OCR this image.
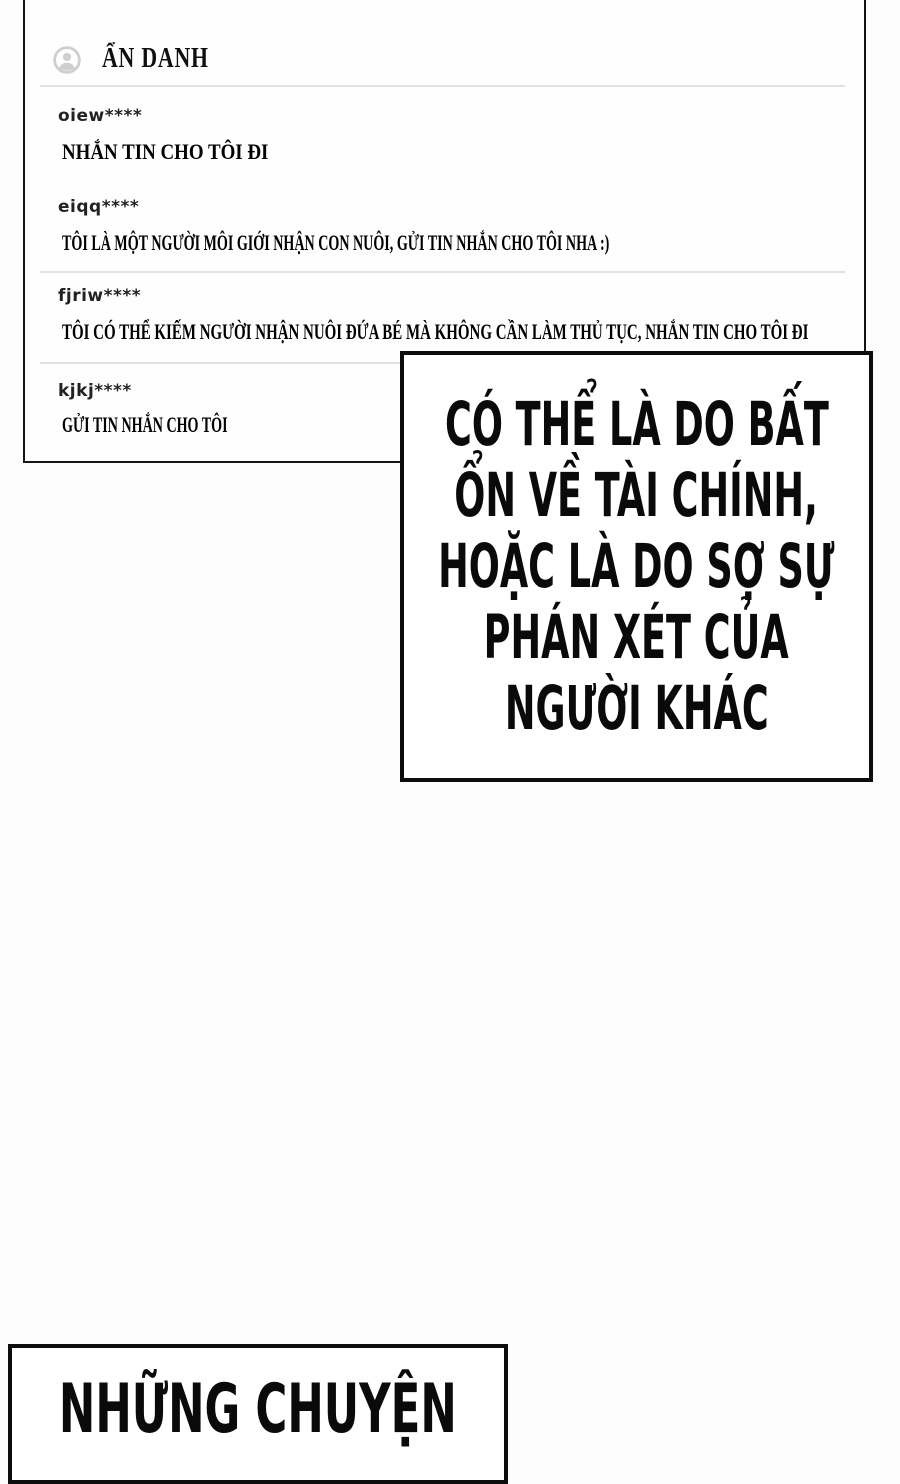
ẨN DANH
oiew****
NHẮN TIN CHO TÔI ĐI
eiqq****
TÔI LÀ MỘT NGƯỜI MÔI GIỚI NHẬN CON NUÔI, GỬI TIN NHẮN CHO TÔI NHA :)
fjriw****
TÔI CÓ THỂ KIẾM NGƯỜI NHẬN NUÔI ĐỨA BÉ MÀ KHÔNG CẦN LÀM THỦ TỤC, NHẮN TIN CHO TÔI ĐI
kjkj****
GỬI TIN NHẮN CHO TÔI	CÓ THỂ LÀ DO BẤT
ỔN VỀ TÀI CHÍNH,
HOẶC LÀ DO SỢ SỰ
PHÁN XÉT CỦA
NGƯỜI KHÁC
NHỮNG CHUYỆN
